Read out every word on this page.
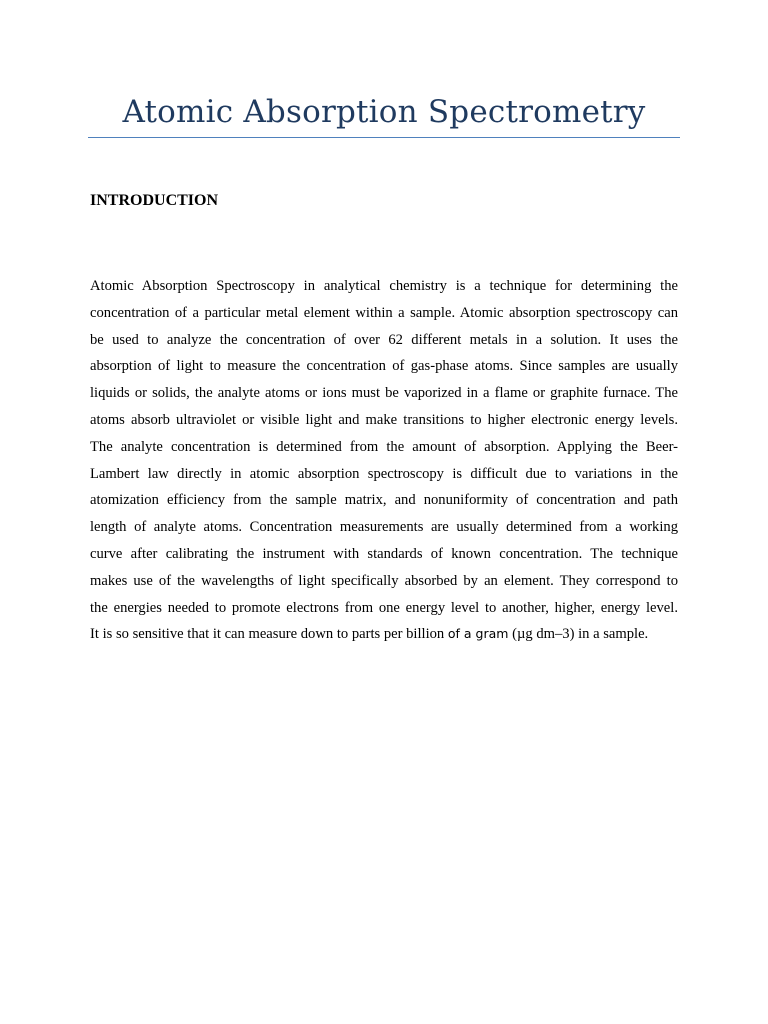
Atomic Absorption Spectrometry
INTRODUCTION
Atomic Absorption Spectroscopy in analytical chemistry is a technique for determining the
concentration of a particular metal element within a sample. Atomic absorption spectroscopy can
be used to analyze the concentration of over 62 different metals in a solution. It uses the
absorption of light to measure the concentration of gas-phase atoms. Since samples are usually
liquids or solids, the analyte atoms or ions must be vaporized in a flame or graphite furnace. The
atoms absorb ultraviolet or visible light and make transitions to higher electronic energy levels.
The analyte concentration is determined from the amount of absorption. Applying the Beer-
Lambert law directly in atomic absorption spectroscopy is difficult due to variations in the
atomization efficiency from the sample matrix, and nonuniformity of concentration and path
length of analyte atoms. Concentration measurements are usually determined from a working
curve after calibrating the instrument with standards of known concentration. The technique
makes use of the wavelengths of light specifically absorbed by an element. They correspond to
the energies needed to promote electrons from one energy level to another, higher, energy level.
It is so sensitive that it can measure down to parts per billion of a gram (µg dm–3) in a sample.
